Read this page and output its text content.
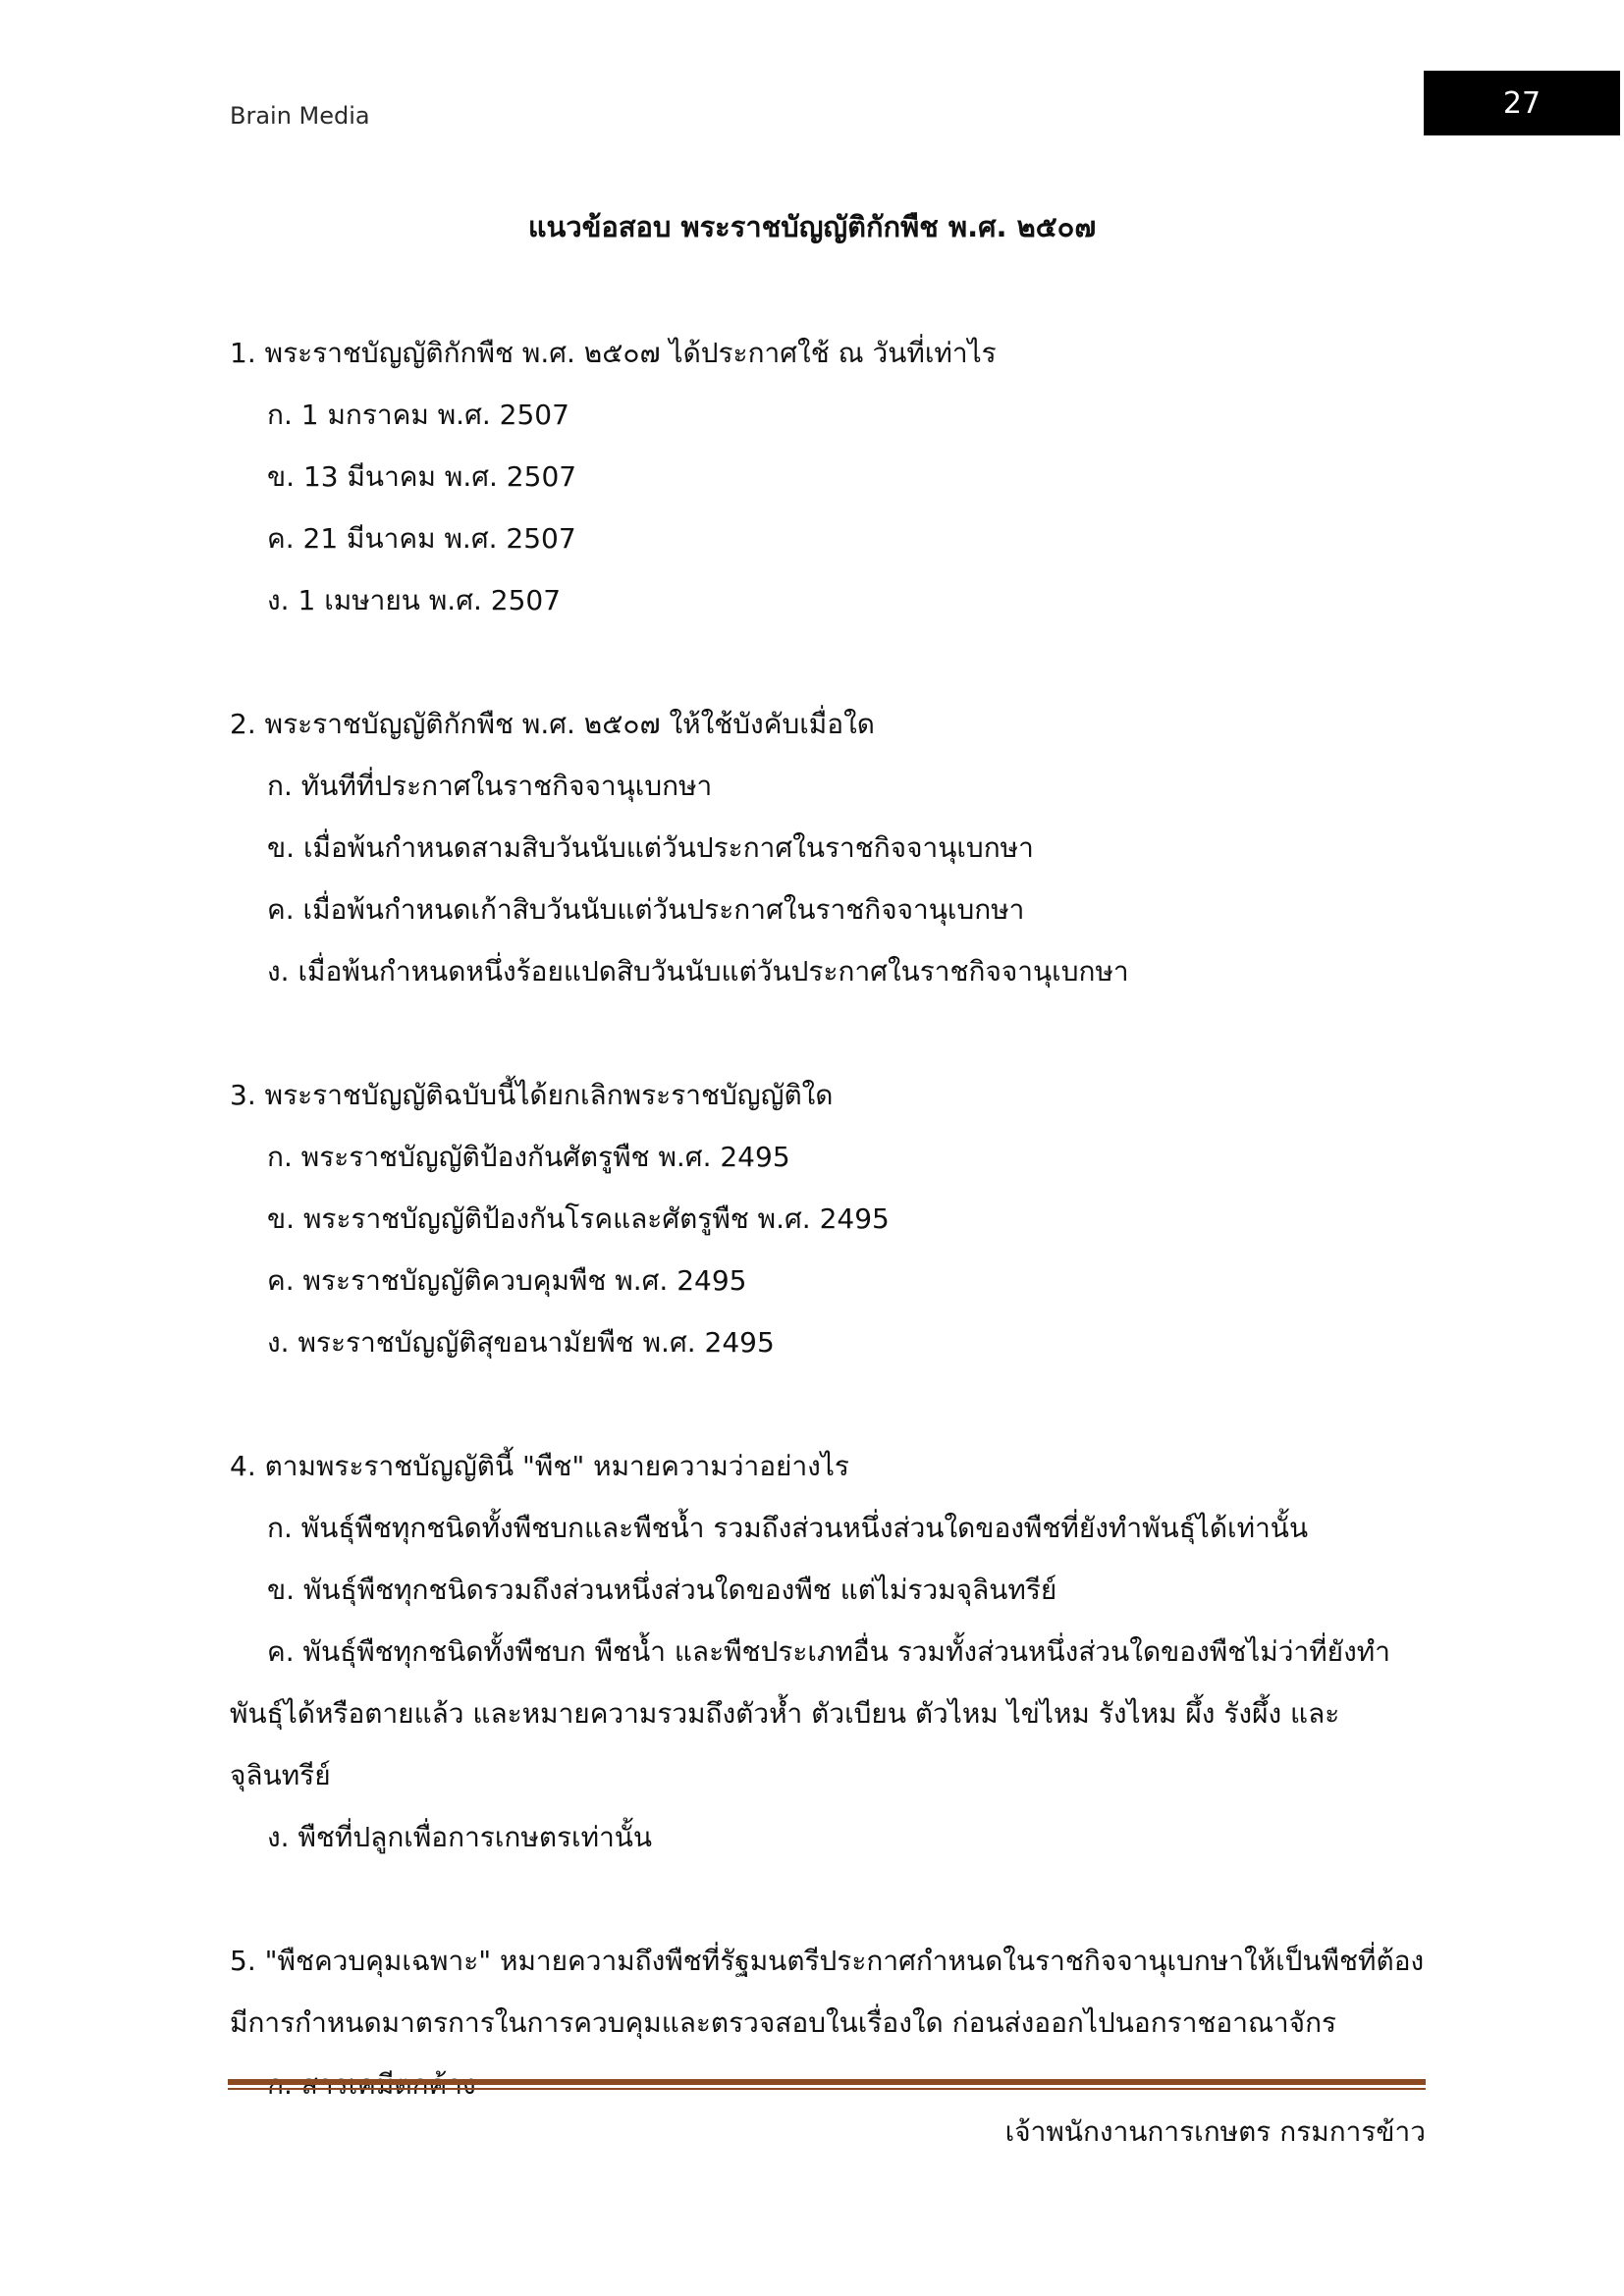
Brain Media	27
แนวข้อสอบ พระราชบัญญัติกักพืช พ.ศ. ๒๕๐๗

1. พระราชบัญญัติกักพืช พ.ศ. ๒๕๐๗ ได้ประกาศใช้ ณ วันที่เท่าไร

ก. 1 มกราคม พ.ศ. 2507

ข. 13 มีนาคม พ.ศ. 2507

ค. 21 มีนาคม พ.ศ. 2507

ง. 1 เมษายน พ.ศ. 2507

2. พระราชบัญญัติกักพืช พ.ศ. ๒๕๐๗ ให้ใช้บังคับเมื่อใด

ก. ทันทีที่ประกาศในราชกิจจานุเบกษา

ข. เมื่อพ้นกำหนดสามสิบวันนับแต่วันประกาศในราชกิจจานุเบกษา

ค. เมื่อพ้นกำหนดเก้าสิบวันนับแต่วันประกาศในราชกิจจานุเบกษา

ง. เมื่อพ้นกำหนดหนึ่งร้อยแปดสิบวันนับแต่วันประกาศในราชกิจจานุเบกษา

3. พระราชบัญญัติฉบับนี้ได้ยกเลิกพระราชบัญญัติใด

ก. พระราชบัญญัติป้องกันศัตรูพืช พ.ศ. 2495

ข. พระราชบัญญัติป้องกันโรคและศัตรูพืช พ.ศ. 2495

ค. พระราชบัญญัติควบคุมพืช พ.ศ. 2495

ง. พระราชบัญญัติสุขอนามัยพืช พ.ศ. 2495

4. ตามพระราชบัญญัตินี้ "พืช" หมายความว่าอย่างไร

ก. พันธุ์พืชทุกชนิดทั้งพืชบกและพืชน้ำ รวมถึงส่วนหนึ่งส่วนใดของพืชที่ยังทำพันธุ์ได้เท่านั้น

ข. พันธุ์พืชทุกชนิดรวมถึงส่วนหนึ่งส่วนใดของพืช แต่ไม่รวมจุลินทรีย์

ค. พันธุ์พืชทุกชนิดทั้งพืชบก พืชน้ำ และพืชประเภทอื่น รวมทั้งส่วนหนึ่งส่วนใดของพืชไม่ว่าที่ยังทำพันธุ์ได้หรือตายแล้ว และหมายความรวมถึงตัวห้ำ ตัวเบียน ตัวไหม ไข่ไหม รังไหม ผึ้ง รังผึ้ง และจุลินทรีย์

ง. พืชที่ปลูกเพื่อการเกษตรเท่านั้น

5. "พืชควบคุมเฉพาะ" หมายความถึงพืชที่รัฐมนตรีประกาศกำหนดในราชกิจจานุเบกษาให้เป็นพืชที่ต้องมีการกำหนดมาตรการในการควบคุมและตรวจสอบในเรื่องใด ก่อนส่งออกไปนอกราชอาณาจักร

เจ้าพนักงานการเกษตร กรมการข้าว
